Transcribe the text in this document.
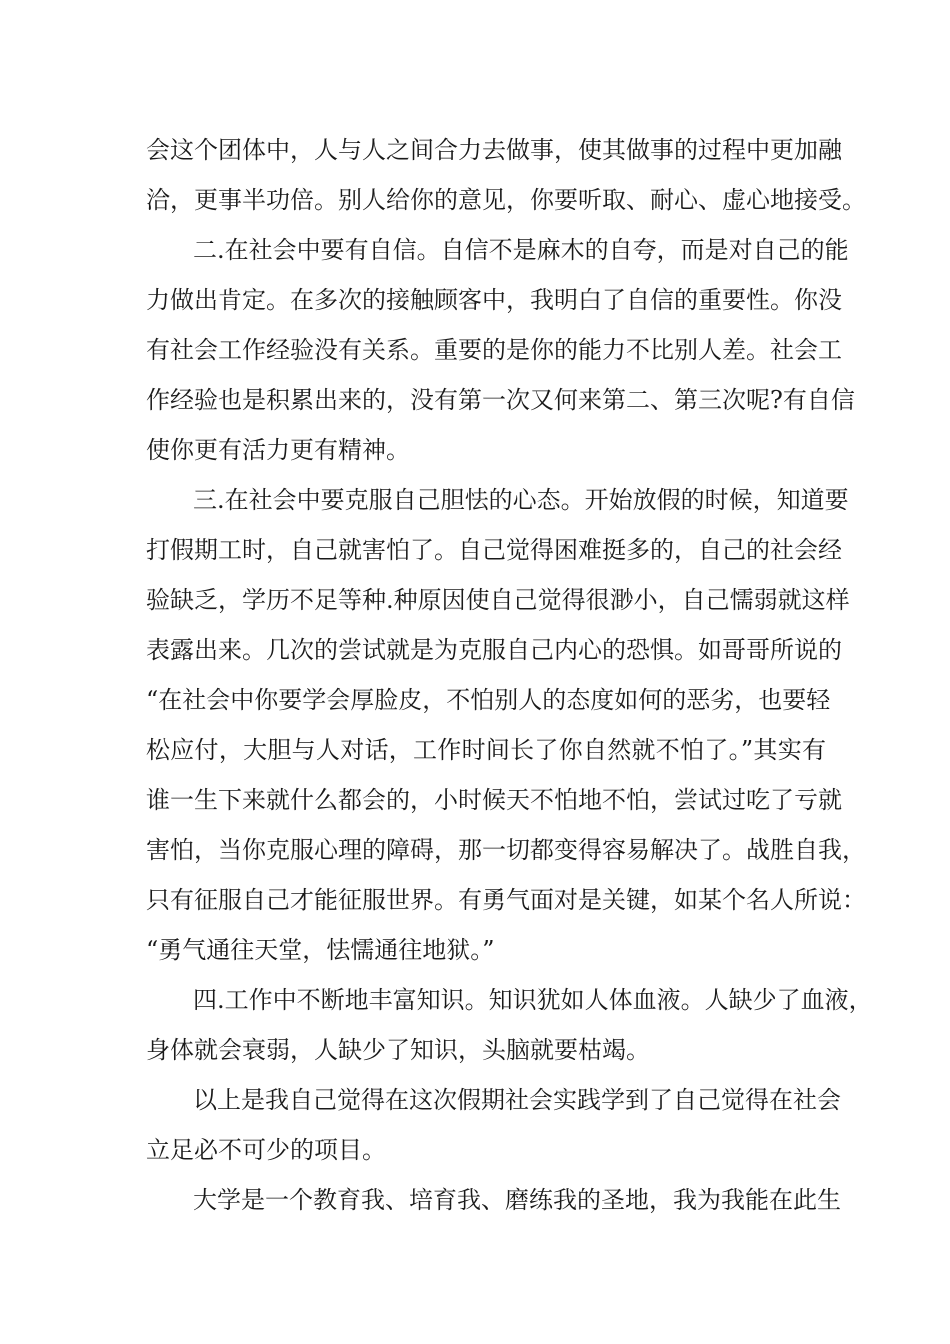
会这个团体中，人与人之间合力去做事，使其做事的过程中更加融
洽，更事半功倍。别人给你的意见，你要听取、耐心、虚心地接受。
二.在社会中要有自信。自信不是麻木的自夸，而是对自己的能
力做出肯定。在多次的接触顾客中，我明白了自信的重要性。你没
有社会工作经验没有关系。重要的是你的能力不比别人差。社会工
作经验也是积累出来的，没有第一次又何来第二、第三次呢?有自信
使你更有活力更有精神。
三.在社会中要克服自己胆怯的心态。开始放假的时候，知道要
打假期工时，自己就害怕了。自己觉得困难挺多的，自己的社会经
验缺乏，学历不足等种.种原因使自己觉得很渺小，自己懦弱就这样
表露出来。几次的尝试就是为克服自己内心的恐惧。如哥哥所说的
“在社会中你要学会厚脸皮，不怕别人的态度如何的恶劣，也要轻
松应付，大胆与人对话，工作时间长了你自然就不怕了。”其实有
谁一生下来就什么都会的，小时候天不怕地不怕，尝试过吃了亏就
害怕，当你克服心理的障碍，那一切都变得容易解决了。战胜自我，
只有征服自己才能征服世界。有勇气面对是关键，如某个名人所说：
“勇气通往天堂，怯懦通往地狱。”
四.工作中不断地丰富知识。知识犹如人体血液。人缺少了血液，
身体就会衰弱，人缺少了知识，头脑就要枯竭。
以上是我自己觉得在这次假期社会实践学到了自己觉得在社会
立足必不可少的项目。
大学是一个教育我、培育我、磨练我的圣地，我为我能在此生
